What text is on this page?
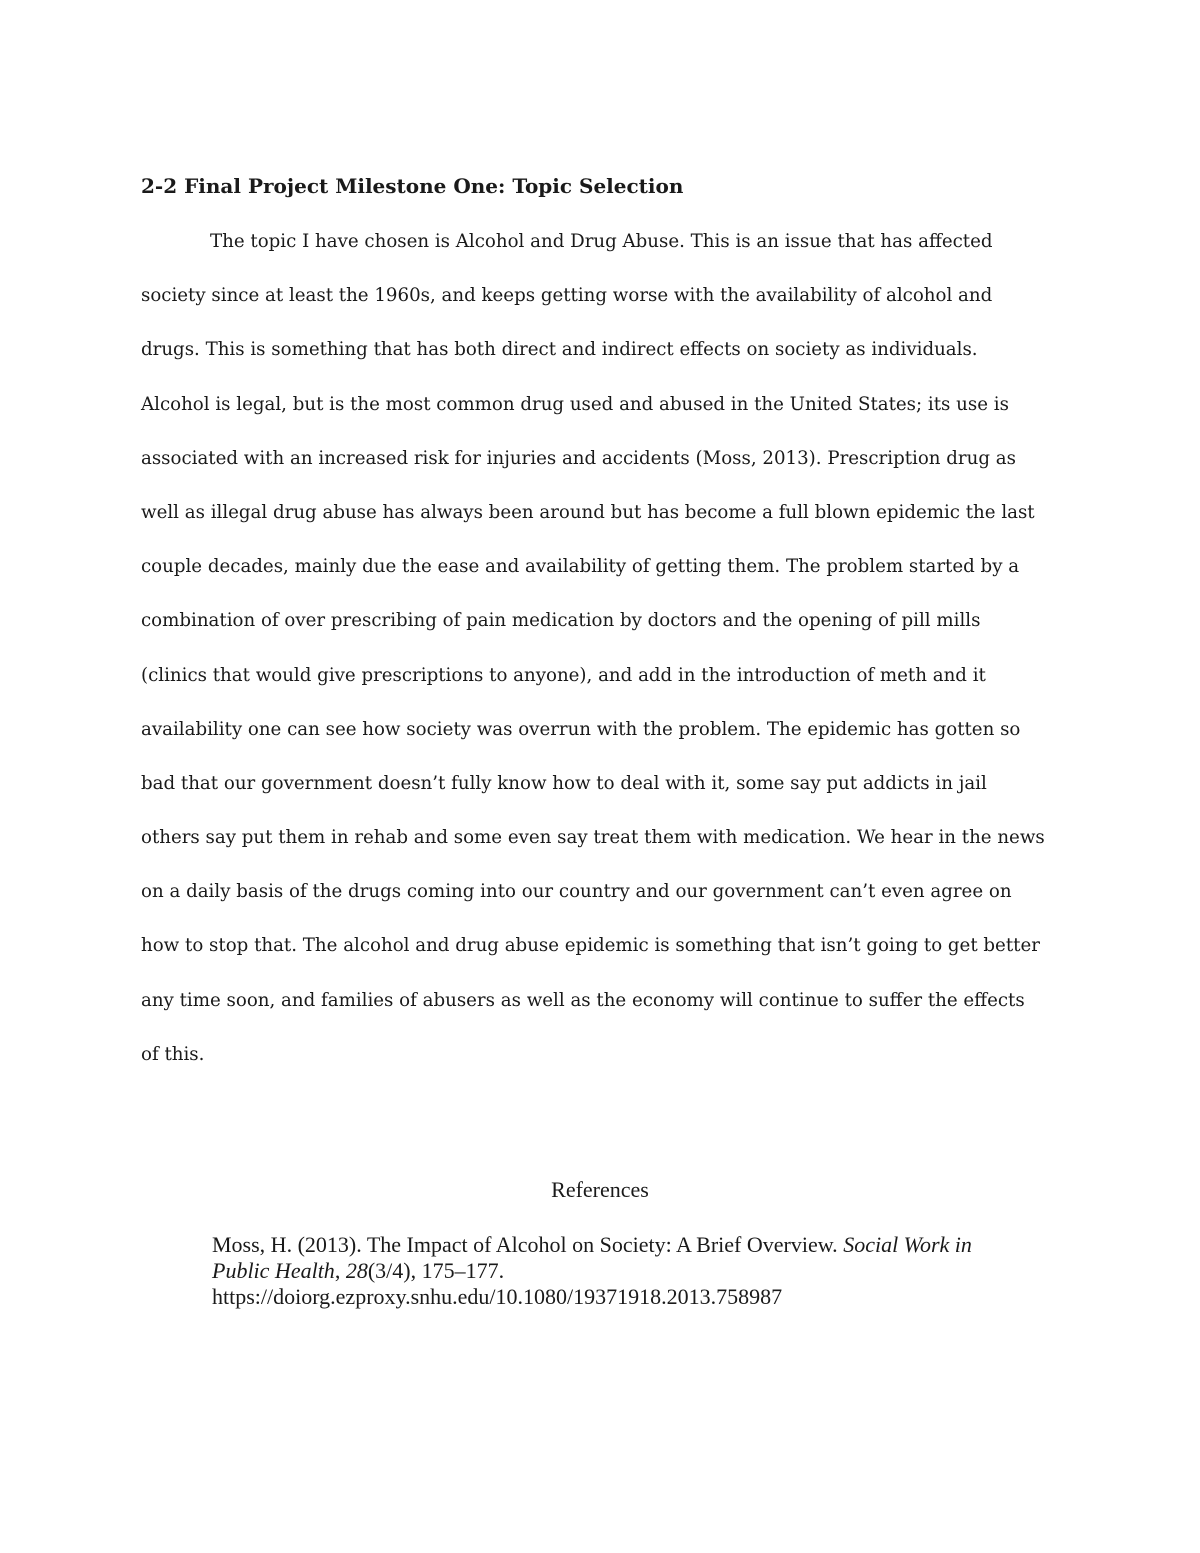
2-2 Final Project Milestone One: Topic Selection
The topic I have chosen is Alcohol and Drug Abuse. This is an issue that has affected
society since at least the 1960s, and keeps getting worse with the availability of alcohol and
drugs. This is something that has both direct and indirect effects on society as individuals.
Alcohol is legal, but is the most common drug used and abused in the United States; its use is
associated with an increased risk for injuries and accidents (Moss, 2013). Prescription drug as
well as illegal drug abuse has always been around but has become a full blown epidemic the last
couple decades, mainly due the ease and availability of getting them. The problem started by a
combination of over prescribing of pain medication by doctors and the opening of pill mills
(clinics that would give prescriptions to anyone), and add in the introduction of meth and it
availability one can see how society was overrun with the problem. The epidemic has gotten so
bad that our government doesn’t fully know how to deal with it, some say put addicts in jail
others say put them in rehab and some even say treat them with medication. We hear in the news
on a daily basis of the drugs coming into our country and our government can’t even agree on
how to stop that. The alcohol and drug abuse epidemic is something that isn’t going to get better
any time soon, and families of abusers as well as the economy will continue to suffer the effects
of this.
References
Moss, H. (2013). The Impact of Alcohol on Society: A Brief Overview. Social Work in
Public Health, 28(3/4), 175–177.
https://doiorg.ezproxy.snhu.edu/10.1080/19371918.2013.758987
